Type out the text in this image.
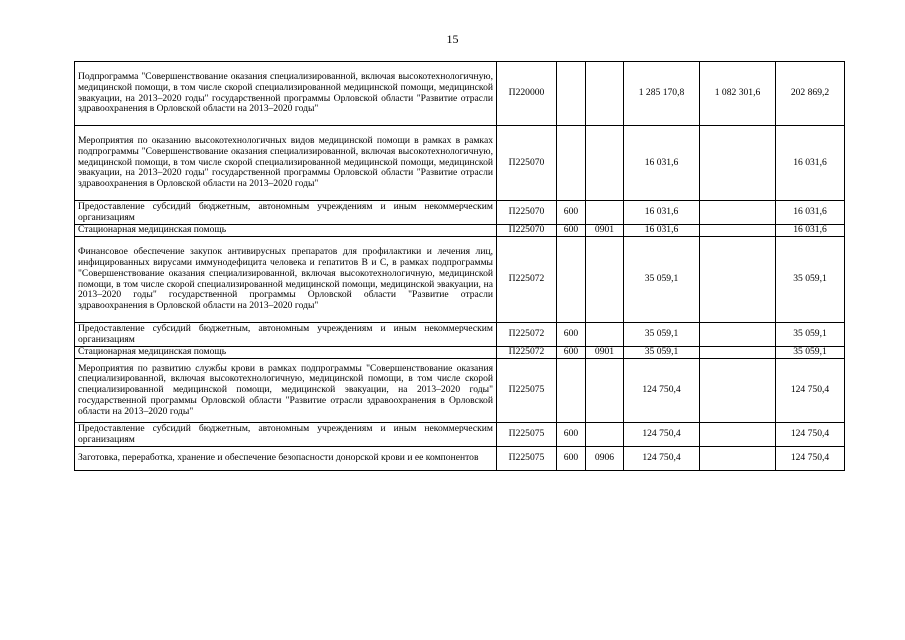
15
Подпрограмма "Совершенствование оказания специализированной, включая высокотехнологичную, медицинской помощи, в том числе скорой специализированной медицинской помощи, медицинской эвакуации, на 2013–2020 годы" государственной программы Орловской области "Развитие отрасли здравоохранения в Орловской области на 2013–2020 годы"	П220000			1 285 170,8	1 082 301,6	202 869,2
Мероприятия по оказанию высокотехнологичных видов медицинской помощи в рамках в рамках подпрограммы "Совершенствование оказания специализированной, включая высокотехнологичную, медицинской помощи, в том числе скорой специализированной медицинской помощи, медицинской эвакуации, на 2013–2020 годы" государственной программы Орловской области "Развитие отрасли здравоохранения в Орловской области на 2013–2020 годы"	П225070			16 031,6		16 031,6
Предоставление субсидий бюджетным, автономным учреждениям и иным некоммерческим организациям	П225070	600		16 031,6		16 031,6
Стационарная медицинская помощь	П225070	600	0901	16 031,6		16 031,6
Финансовое обеспечение закупок антивирусных препаратов для профилактики и лечения лиц, инфицированных вирусами иммунодефицита человека и гепатитов В и С, в рамках подпрограммы "Совершенствование оказания специализированной, включая высокотехнологичную, медицинской помощи, в том числе скорой специализированной медицинской помощи, медицинской эвакуации, на 2013–2020 годы" государственной программы Орловской области "Развитие отрасли здравоохранения в Орловской области на 2013–2020 годы"	П225072			35 059,1		35 059,1
Предоставление субсидий бюджетным, автономным учреждениям и иным некоммерческим организациям	П225072	600		35 059,1		35 059,1
Стационарная медицинская помощь	П225072	600	0901	35 059,1		35 059,1
Мероприятия по развитию службы крови в рамках подпрограммы "Совершенствование оказания специализированной, включая высокотехнологичную, медицинской помощи, в том числе скорой специализированной медицинской помощи, медицинской эвакуации, на 2013–2020 годы" государственной программы Орловской области "Развитие отрасли здравоохранения в Орловской области на 2013–2020 годы"	П225075			124 750,4		124 750,4
Предоставление субсидий бюджетным, автономным учреждениям и иным некоммерческим организациям	П225075	600		124 750,4		124 750,4
Заготовка, переработка, хранение и обеспечение безопасности донорской крови и ее компонентов	П225075	600	0906	124 750,4		124 750,4
